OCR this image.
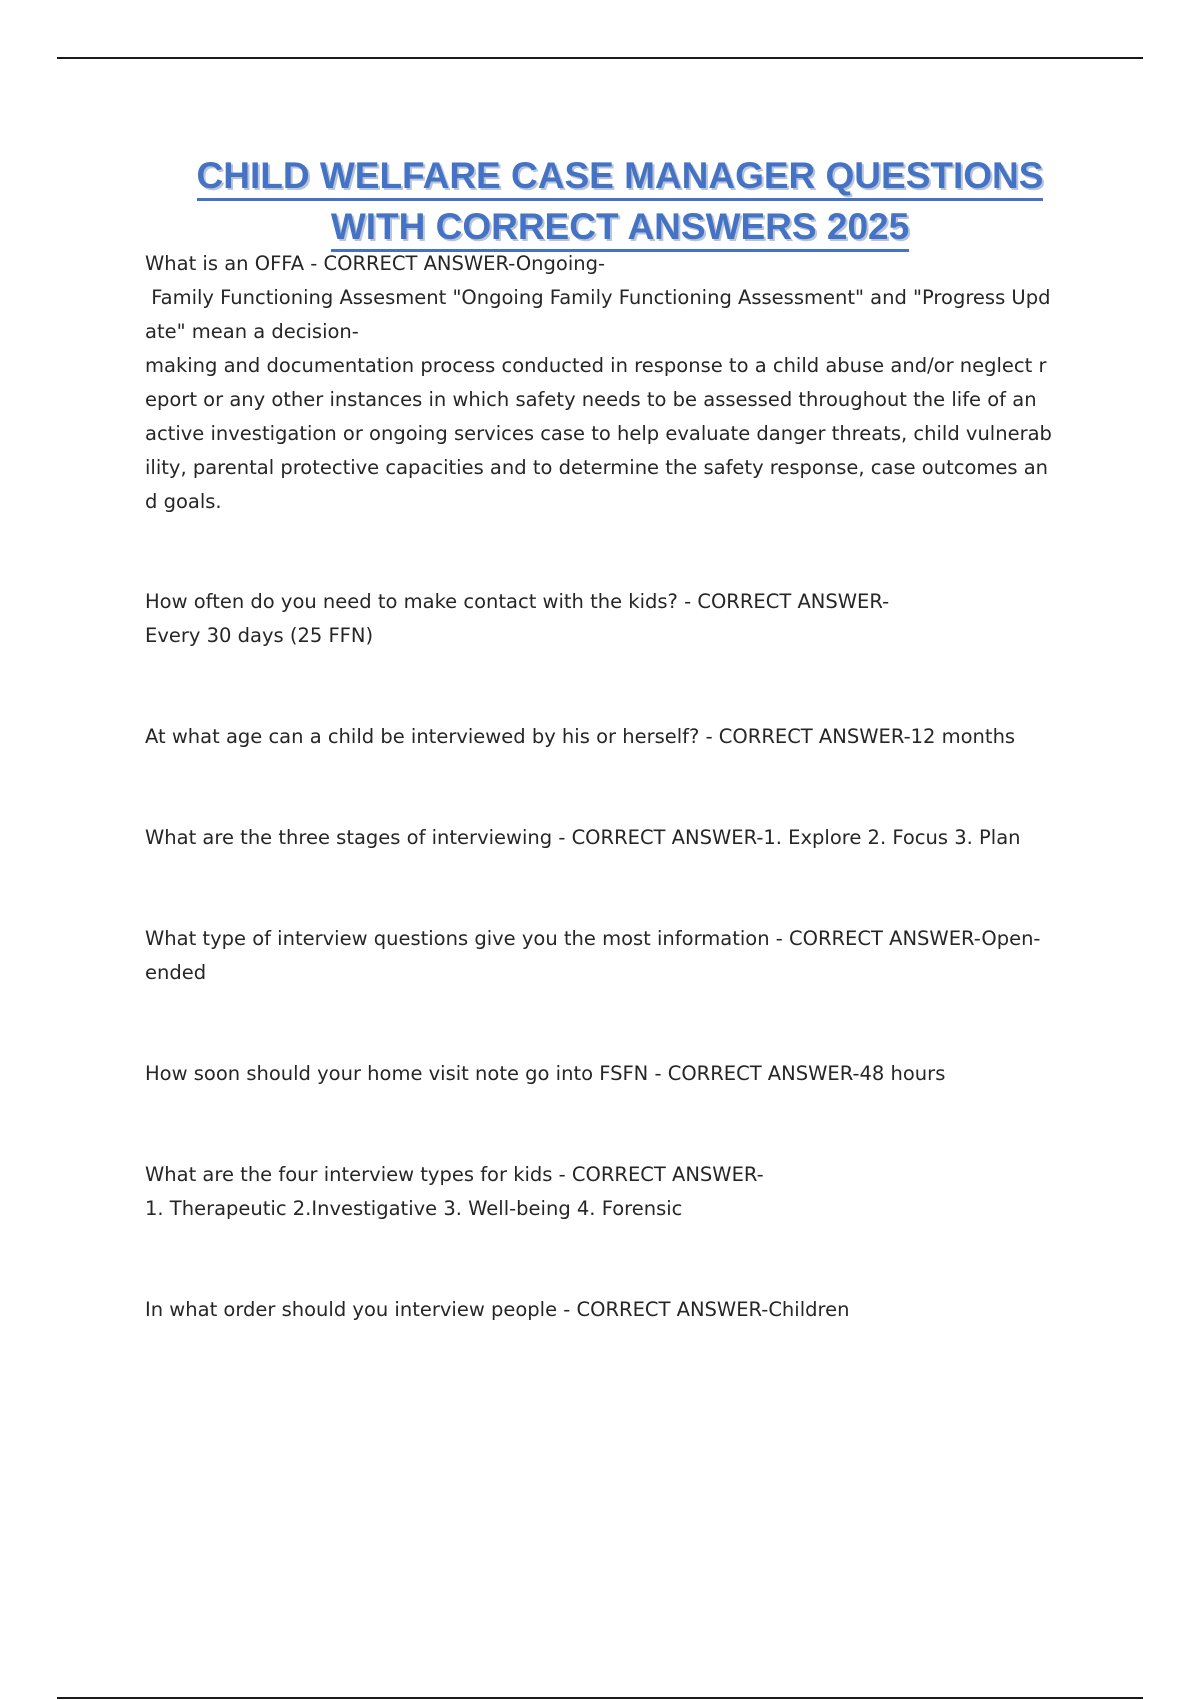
CHILD WELFARE CASE MANAGER QUESTIONS
WITH CORRECT ANSWERS 2025

What is an OFFA - CORRECT ANSWER-Ongoing-
Family Functioning Assesment "Ongoing Family Functioning Assessment" and "Progress Upd
ate" mean a decision-
making and documentation process conducted in response to a child abuse and/or neglect r
eport or any other instances in which safety needs to be assessed throughout the life of an
active investigation or ongoing services case to help evaluate danger threats, child vulnerab
ility, parental protective capacities and to determine the safety response, case outcomes an
d goals.

How often do you need to make contact with the kids? - CORRECT ANSWER-
Every 30 days (25 FFN)

At what age can a child be interviewed by his or herself? - CORRECT ANSWER-12 months

What are the three stages of interviewing - CORRECT ANSWER-1. Explore 2. Focus 3. Plan

What type of interview questions give you the most information - CORRECT ANSWER-Open-
ended

How soon should your home visit note go into FSFN - CORRECT ANSWER-48 hours

What are the four interview types for kids - CORRECT ANSWER-
1. Therapeutic 2.Investigative 3. Well-being 4. Forensic

In what order should you interview people - CORRECT ANSWER-Children
